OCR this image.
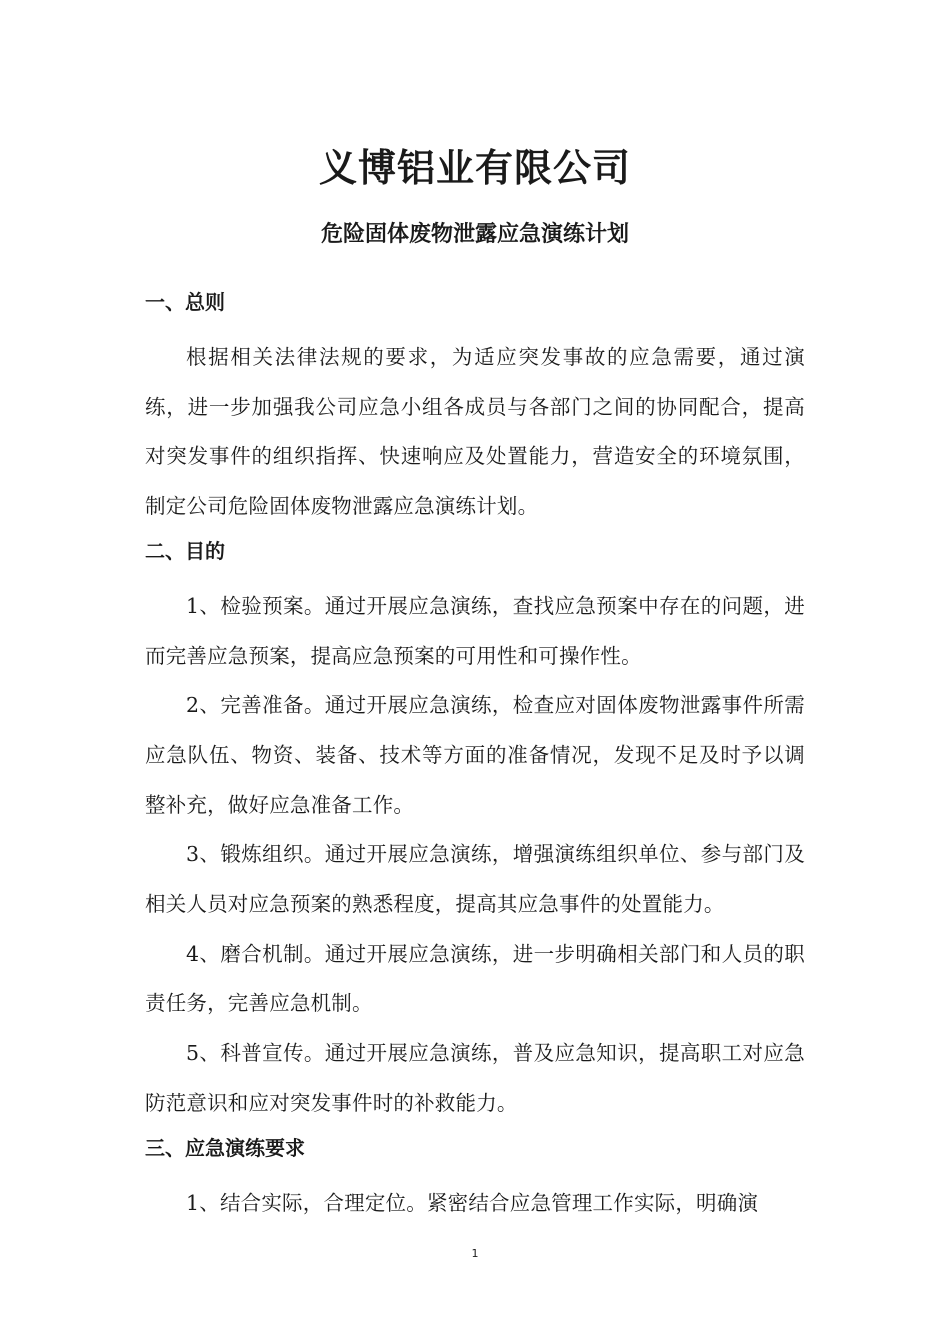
义博铝业有限公司
危险固体废物泄露应急演练计划
一、总则

根据相关法律法规的要求，为适应突发事故的应急需要，通过演练，进一步加强我公司应急小组各成员与各部门之间的协同配合，提高对突发事件的组织指挥、快速响应及处置能力，营造安全的环境氛围，制定公司危险固体废物泄露应急演练计划。

二、目的

1、检验预案。通过开展应急演练，查找应急预案中存在的问题，进而完善应急预案，提高应急预案的可用性和可操作性。

2、完善准备。通过开展应急演练，检查应对固体废物泄露事件所需应急队伍、物资、装备、技术等方面的准备情况，发现不足及时予以调整补充，做好应急准备工作。

3、锻炼组织。通过开展应急演练，增强演练组织单位、参与部门及相关人员对应急预案的熟悉程度，提高其应急事件的处置能力。

4、磨合机制。通过开展应急演练，进一步明确相关部门和人员的职责任务，完善应急机制。

5、科普宣传。通过开展应急演练，普及应急知识，提高职工对应急防范意识和应对突发事件时的补救能力。

三、应急演练要求

1、结合实际，合理定位。紧密结合应急管理工作实际，明确演

1
